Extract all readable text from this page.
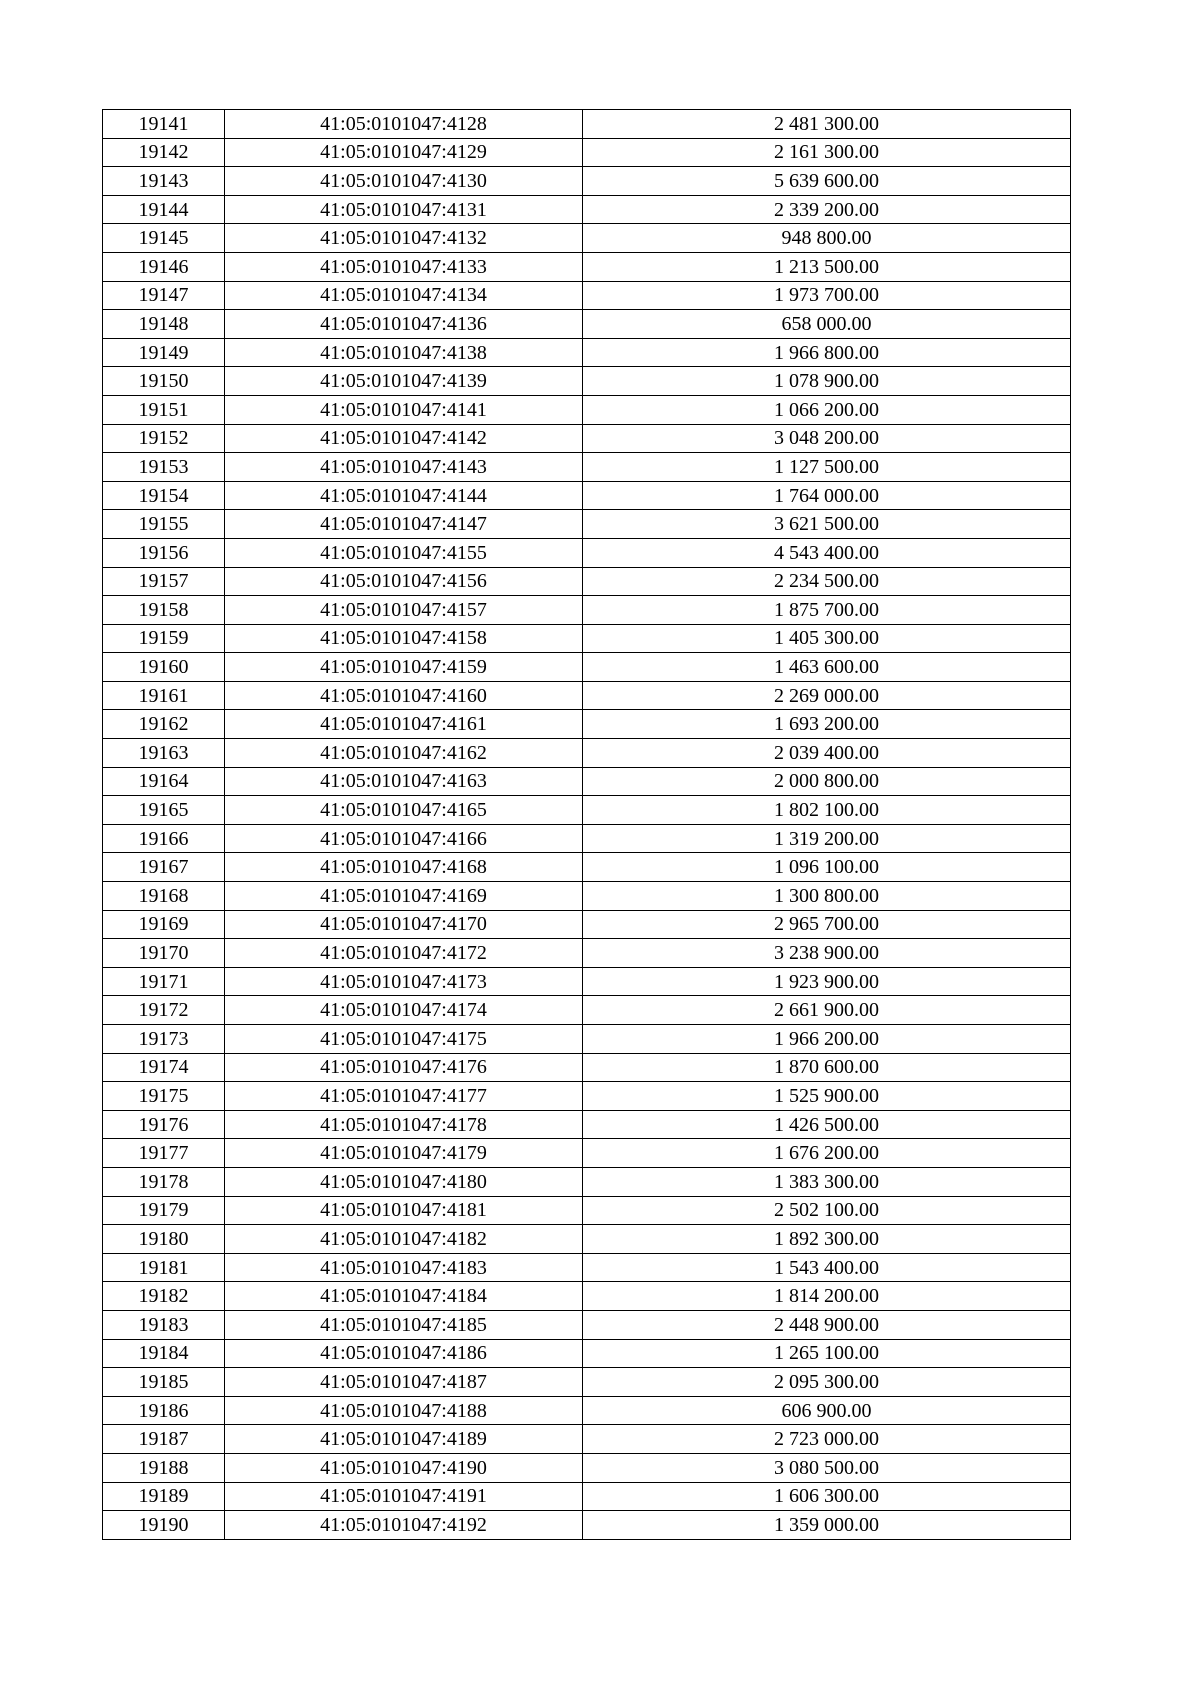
19141	41:05:0101047:4128	2 481 300.00
19142	41:05:0101047:4129	2 161 300.00
19143	41:05:0101047:4130	5 639 600.00
19144	41:05:0101047:4131	2 339 200.00
19145	41:05:0101047:4132	948 800.00
19146	41:05:0101047:4133	1 213 500.00
19147	41:05:0101047:4134	1 973 700.00
19148	41:05:0101047:4136	658 000.00
19149	41:05:0101047:4138	1 966 800.00
19150	41:05:0101047:4139	1 078 900.00
19151	41:05:0101047:4141	1 066 200.00
19152	41:05:0101047:4142	3 048 200.00
19153	41:05:0101047:4143	1 127 500.00
19154	41:05:0101047:4144	1 764 000.00
19155	41:05:0101047:4147	3 621 500.00
19156	41:05:0101047:4155	4 543 400.00
19157	41:05:0101047:4156	2 234 500.00
19158	41:05:0101047:4157	1 875 700.00
19159	41:05:0101047:4158	1 405 300.00
19160	41:05:0101047:4159	1 463 600.00
19161	41:05:0101047:4160	2 269 000.00
19162	41:05:0101047:4161	1 693 200.00
19163	41:05:0101047:4162	2 039 400.00
19164	41:05:0101047:4163	2 000 800.00
19165	41:05:0101047:4165	1 802 100.00
19166	41:05:0101047:4166	1 319 200.00
19167	41:05:0101047:4168	1 096 100.00
19168	41:05:0101047:4169	1 300 800.00
19169	41:05:0101047:4170	2 965 700.00
19170	41:05:0101047:4172	3 238 900.00
19171	41:05:0101047:4173	1 923 900.00
19172	41:05:0101047:4174	2 661 900.00
19173	41:05:0101047:4175	1 966 200.00
19174	41:05:0101047:4176	1 870 600.00
19175	41:05:0101047:4177	1 525 900.00
19176	41:05:0101047:4178	1 426 500.00
19177	41:05:0101047:4179	1 676 200.00
19178	41:05:0101047:4180	1 383 300.00
19179	41:05:0101047:4181	2 502 100.00
19180	41:05:0101047:4182	1 892 300.00
19181	41:05:0101047:4183	1 543 400.00
19182	41:05:0101047:4184	1 814 200.00
19183	41:05:0101047:4185	2 448 900.00
19184	41:05:0101047:4186	1 265 100.00
19185	41:05:0101047:4187	2 095 300.00
19186	41:05:0101047:4188	606 900.00
19187	41:05:0101047:4189	2 723 000.00
19188	41:05:0101047:4190	3 080 500.00
19189	41:05:0101047:4191	1 606 300.00
19190	41:05:0101047:4192	1 359 000.00
